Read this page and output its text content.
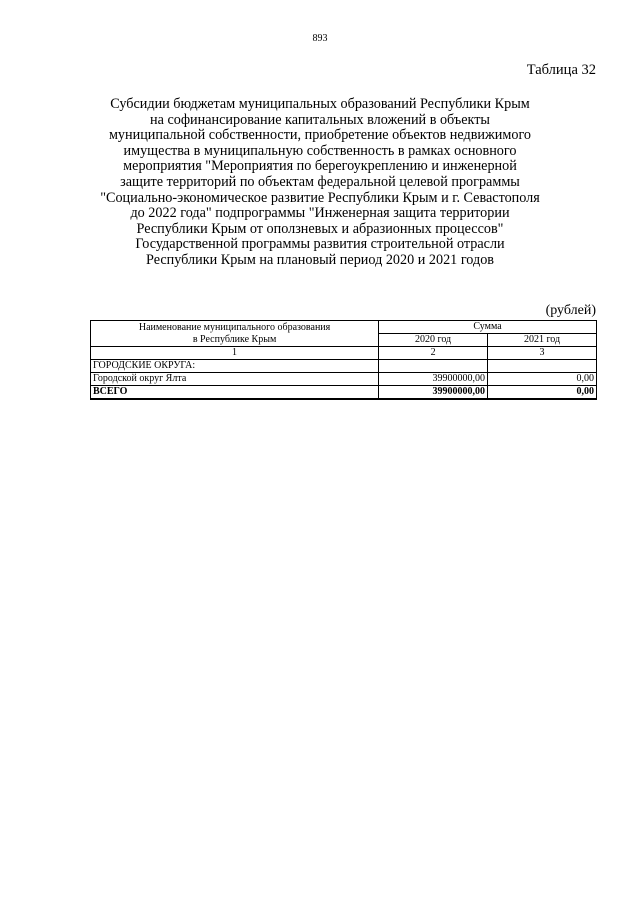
893
Таблица 32
Субсидии бюджетам муниципальных образований Республики Крым
на софинансирование капитальных вложений в объекты
муниципальной собственности, приобретение объектов недвижимого
имущества в муниципальную собственность в рамках основного
мероприятия "Мероприятия по берегоукреплению и инженерной
защите территорий по объектам федеральной целевой программы
"Социально-экономическое развитие Республики Крым и г. Севастополя
до 2022 года" подпрограммы "Инженерная защита территории
Республики Крым от оползневых и абразионных процессов"
Государственной программы развития строительной отрасли
Республики Крым на плановый период 2020 и 2021 годов
(рублей)
Наименование муниципального образования
в Республике Крым	Сумма	
	2020 год	2021 год
1	2	3
ГОРОДСКИЕ ОКРУГА:		
Городской округ Ялта	39900000,00	0,00
ВСЕГО	39900000,00	0,00
